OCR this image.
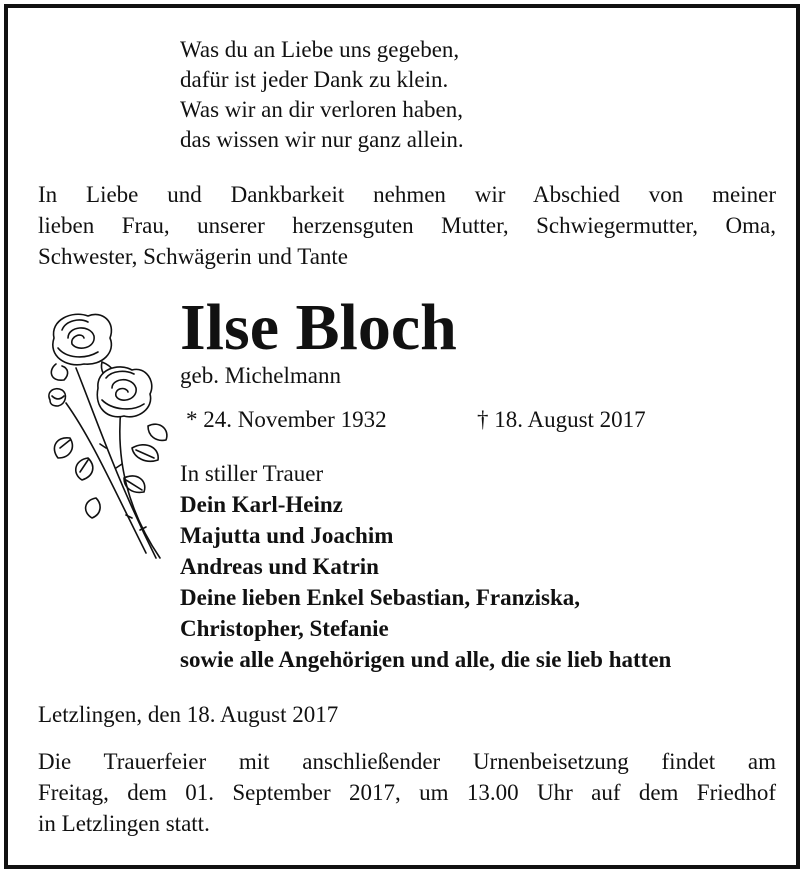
Was du an Liebe uns gegeben,
dafür ist jeder Dank zu klein.
Was wir an dir verloren haben,
das wissen wir nur ganz allein.
In Liebe und Dankbarkeit nehmen wir Abschied von meiner
lieben Frau, unserer herzensguten Mutter, Schwiegermutter, Oma,
Schwester, Schwägerin und Tante
Ilse Bloch
geb. Michelmann
* 24. November 1932	† 18. August 2017
In stiller Trauer
Dein Karl-Heinz
Majutta und Joachim
Andreas und Katrin
Deine lieben Enkel Sebastian, Franziska,
Christopher, Stefanie
sowie alle Angehörigen und alle, die sie lieb hatten
Letzlingen, den 18. August 2017
Die Trauerfeier mit anschließender Urnenbeisetzung findet am
Freitag, dem 01. September 2017, um 13.00 Uhr auf dem Friedhof
in Letzlingen statt.
